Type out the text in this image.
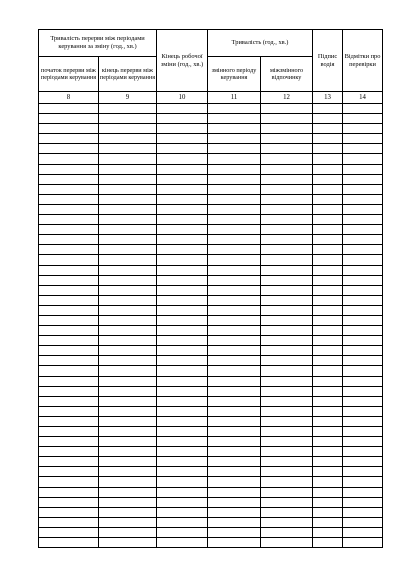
Тривалість перерви між періодами керування за зміну (год., хв.)		Кінець робочої зміни (год., хв.)	Тривалість (год., хв.)		Підпис водія	Відмітки про перевірки
початок перерви між періодами керування	кінець перерви між періодами керування		змінного періоду керування	міжзмінного відпочинку		
8	9	10	11	12	13	14
